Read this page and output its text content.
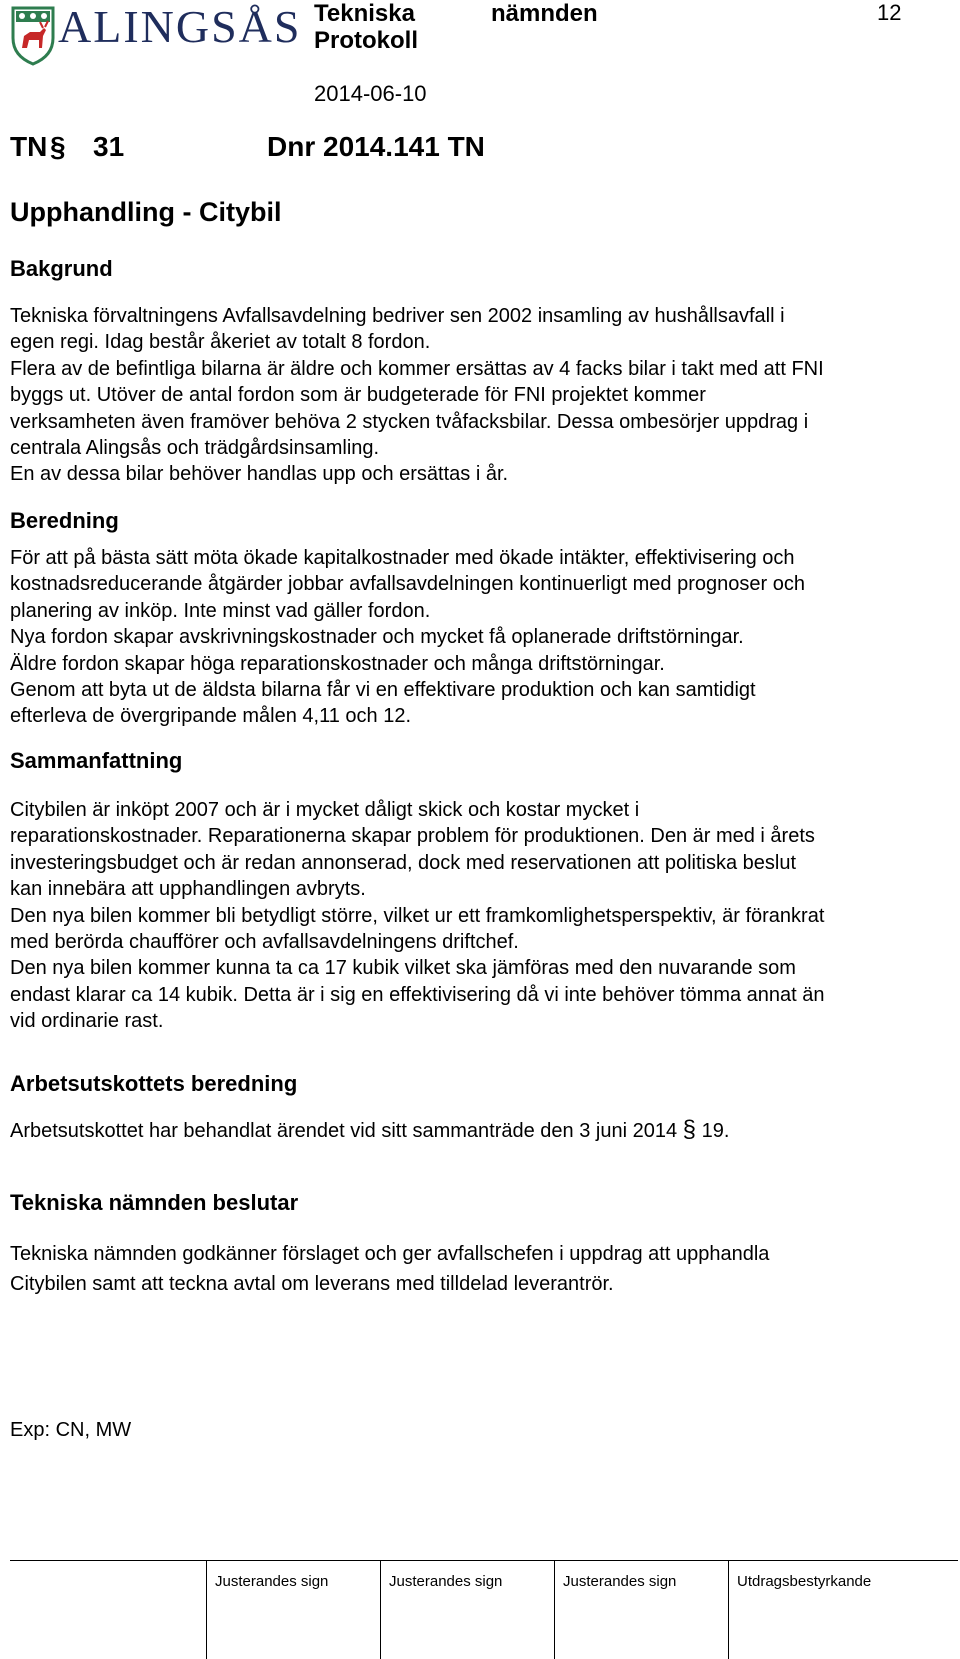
ALINGSÅS Tekniska	nämnden
Protokoll
12
2014-06-10
TN § 31	Dnr 2014.141 TN
Upphandling - Citybil
Bakgrund
Tekniska förvaltningens Avfallsavdelning bedriver sen 2002 insamling av hushållsavfall i
egen regi. Idag består åkeriet av totalt 8 fordon.
Flera av de befintliga bilarna är äldre och kommer ersättas av 4 facks bilar i takt med att FNI
byggs ut. Utöver de antal fordon som är budgeterade för FNI projektet kommer
verksamheten även framöver behöva 2 stycken tvåfacksbilar. Dessa ombesörjer uppdrag i
centrala Alingsås och trädgårdsinsamling.
En av dessa bilar behöver handlas upp och ersättas i år.
Beredning
För att på bästa sätt möta ökade kapitalkostnader med ökade intäkter, effektivisering och
kostnadsreducerande åtgärder jobbar avfallsavdelningen kontinuerligt med prognoser och
planering av inköp. Inte minst vad gäller fordon.
Nya fordon skapar avskrivningskostnader och mycket få oplanerade driftstörningar.
Äldre fordon skapar höga reparationskostnader och många driftstörningar.
Genom att byta ut de äldsta bilarna får vi en effektivare produktion och kan samtidigt
efterleva de övergripande målen 4,11 och 12.
Sammanfattning
Citybilen är inköpt 2007 och är i mycket dåligt skick och kostar mycket i
reparationskostnader. Reparationerna skapar problem för produktionen. Den är med i årets
investeringsbudget och är redan annonserad, dock med reservationen att politiska beslut
kan innebära att upphandlingen avbryts.
Den nya bilen kommer bli betydligt större, vilket ur ett framkomlighetsperspektiv, är förankrat
med berörda chaufförer och avfallsavdelningens driftchef.
Den nya bilen kommer kunna ta ca 17 kubik vilket ska jämföras med den nuvarande som
endast klarar ca 14 kubik. Detta är i sig en effektivisering då vi inte behöver tömma annat än
vid ordinarie rast.
Arbetsutskottets beredning
Arbetsutskottet har behandlat ärendet vid sitt sammanträde den 3 juni 2014 § 19.
Tekniska nämnden beslutar
Tekniska nämnden godkänner förslaget och ger avfallschefen i uppdrag att upphandla
Citybilen samt att teckna avtal om leverans med tilldelad leverantrör.
Exp: CN, MW
Justerandes sign	Justerandes sign	Justerandes sign	Utdragsbestyrkande
